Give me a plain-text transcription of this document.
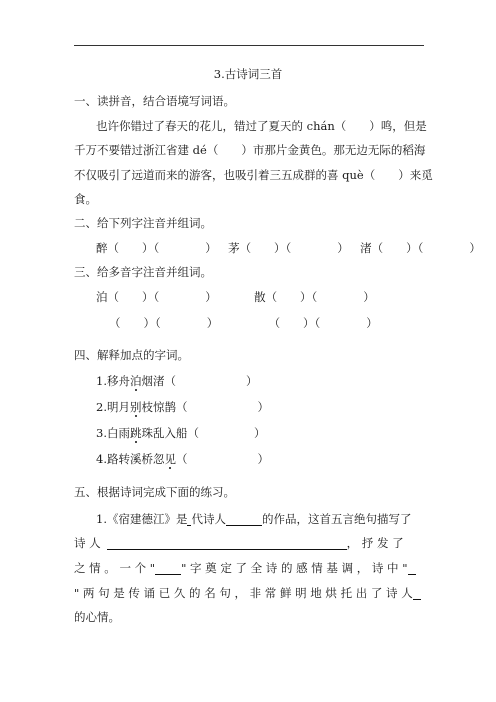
3.古诗词三首
一、读拼音，结合语境写词语。
也许你错过了春天的花儿，错过了夏天的 chán（　　）鸣，但是
千万不要错过浙江省建 dé（　　）市那片金黄色。那无边无际的稻海
不仅吸引了远道而来的游客，也吸引着三五成群的喜 què（　　）来觅
食。
二、给下列字注音并组词。
醉（　　）（　　　　） 茅（　　）（　　　　） 渚（　　）（　　　　）
三、给多音字注音并组词。
泊（　　）（　　　　）	散（　　）（　　　　）
（　　）（　　　　）	（　　）（　　　　）
四、解释加点的字词。
1.移舟泊烟渚（	）
2.明月别枝惊鹊（	）
3.白雨跳珠乱入船（	）
4.路转溪桥忽见（	）
五、根据诗词完成下面的练习。
1.《宿建德江》是 代诗人	的作品，这首五言绝句描写了
诗 人	， 抒 发 了
之 情 。 一 个 " " 字 奠 定 了 全 诗 的 感 情 基 调 ， 诗 中 "
" 两 句 是 传 诵 已 久 的 名 句 ， 非 常 鲜 明 地 烘 托 出 了 诗 人
的心情。
